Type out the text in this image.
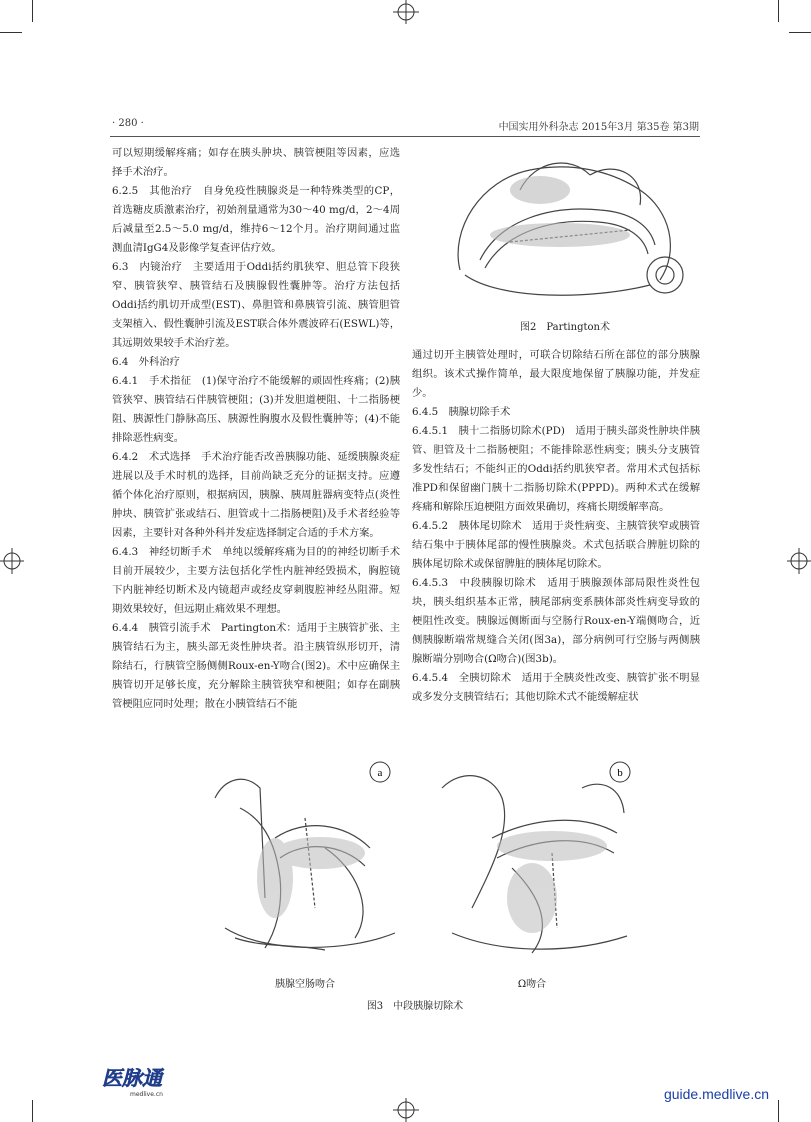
· 280 ·	中国实用外科杂志 2015年3月 第35卷 第3期

可以短期缓解疼痛；如存在胰头肿块、胰管梗阻等因素，应选择手术治疗。

6.2.5　其他治疗　自身免疫性胰腺炎是一种特殊类型的CP，首选糖皮质激素治疗，初始剂量通常为30～40 mg/d，2～4周后减量至2.5～5.0 mg/d，维持6～12个月。治疗期间通过监测血清IgG4及影像学复查评估疗效。

6.3　内镜治疗　主要适用于Oddi括约肌狭窄、胆总管下段狭窄、胰管狭窄、胰管结石及胰腺假性囊肿等。治疗方法包括Oddi括约肌切开成型(EST)、鼻胆管和鼻胰管引流、胰管胆管支架植入、假性囊肿引流及EST联合体外震波碎石(ESWL)等，其远期效果较手术治疗差。

6.4　外科治疗

6.4.1　手术指征　(1)保守治疗不能缓解的顽固性疼痛；(2)胰管狭窄、胰管结石伴胰管梗阻；(3)并发胆道梗阻、十二指肠梗阻、胰源性门静脉高压、胰源性胸腹水及假性囊肿等；(4)不能排除恶性病变。

6.4.2　术式选择　手术治疗能否改善胰腺功能、延缓胰腺炎症进展以及手术时机的选择，目前尚缺乏充分的证据支持。应遵循个体化治疗原则，根据病因，胰腺、胰周脏器病变特点(炎性肿块、胰管扩张或结石、胆管或十二指肠梗阻)及手术者经验等因素，主要针对各种外科并发症选择制定合适的手术方案。

6.4.3　神经切断手术　单纯以缓解疼痛为目的的神经切断手术目前开展较少，主要方法包括化学性内脏神经毁损术，胸腔镜下内脏神经切断术及内镜超声或经皮穿刺腹腔神经丛阻滞。短期效果较好，但远期止痛效果不理想。

6.4.4　胰管引流手术　Partington术：适用于主胰管扩张、主胰管结石为主，胰头部无炎性肿块者。沿主胰管纵形切开，清除结石，行胰管空肠侧侧Roux-en-Y吻合(图2)。术中应确保主胰管切开足够长度，充分解除主胰管狭窄和梗阻；如存在副胰管梗阻应同时处理；散在小胰管结石不能

图2　Partington术

通过切开主胰管处理时，可联合切除结石所在部位的部分胰腺组织。该术式操作简单，最大限度地保留了胰腺功能，并发症少。

6.4.5　胰腺切除手术

6.4.5.1　胰十二指肠切除术(PD)　适用于胰头部炎性肿块伴胰管、胆管及十二指肠梗阻；不能排除恶性病变；胰头分支胰管多发性结石；不能纠正的Oddi括约肌狭窄者。常用术式包括标准PD和保留幽门胰十二指肠切除术(PPPD)。两种术式在缓解疼痛和解除压迫梗阻方面效果确切，疼痛长期缓解率高。

6.4.5.2　胰体尾切除术　适用于炎性病变、主胰管狭窄或胰管结石集中于胰体尾部的慢性胰腺炎。术式包括联合脾脏切除的胰体尾切除术或保留脾脏的胰体尾切除术。

6.4.5.3　中段胰腺切除术　适用于胰腺颈体部局限性炎性包块，胰头组织基本正常，胰尾部病变系胰体部炎性病变导致的梗阻性改变。胰腺远侧断面与空肠行Roux-en-Y端侧吻合，近侧胰腺断端常规缝合关闭(图3a)，部分病例可行空肠与两侧胰腺断端分别吻合(Ω吻合)(图3b)。

6.4.5.4　全胰切除术　适用于全胰炎性改变、胰管扩张不明显或多发分支胰管结石；其他切除术式不能缓解症状

a
胰腺空肠吻合
b
Ω吻合
图3　中段胰腺切除术
医脉通
medlive.cn	guide.medlive.cn
